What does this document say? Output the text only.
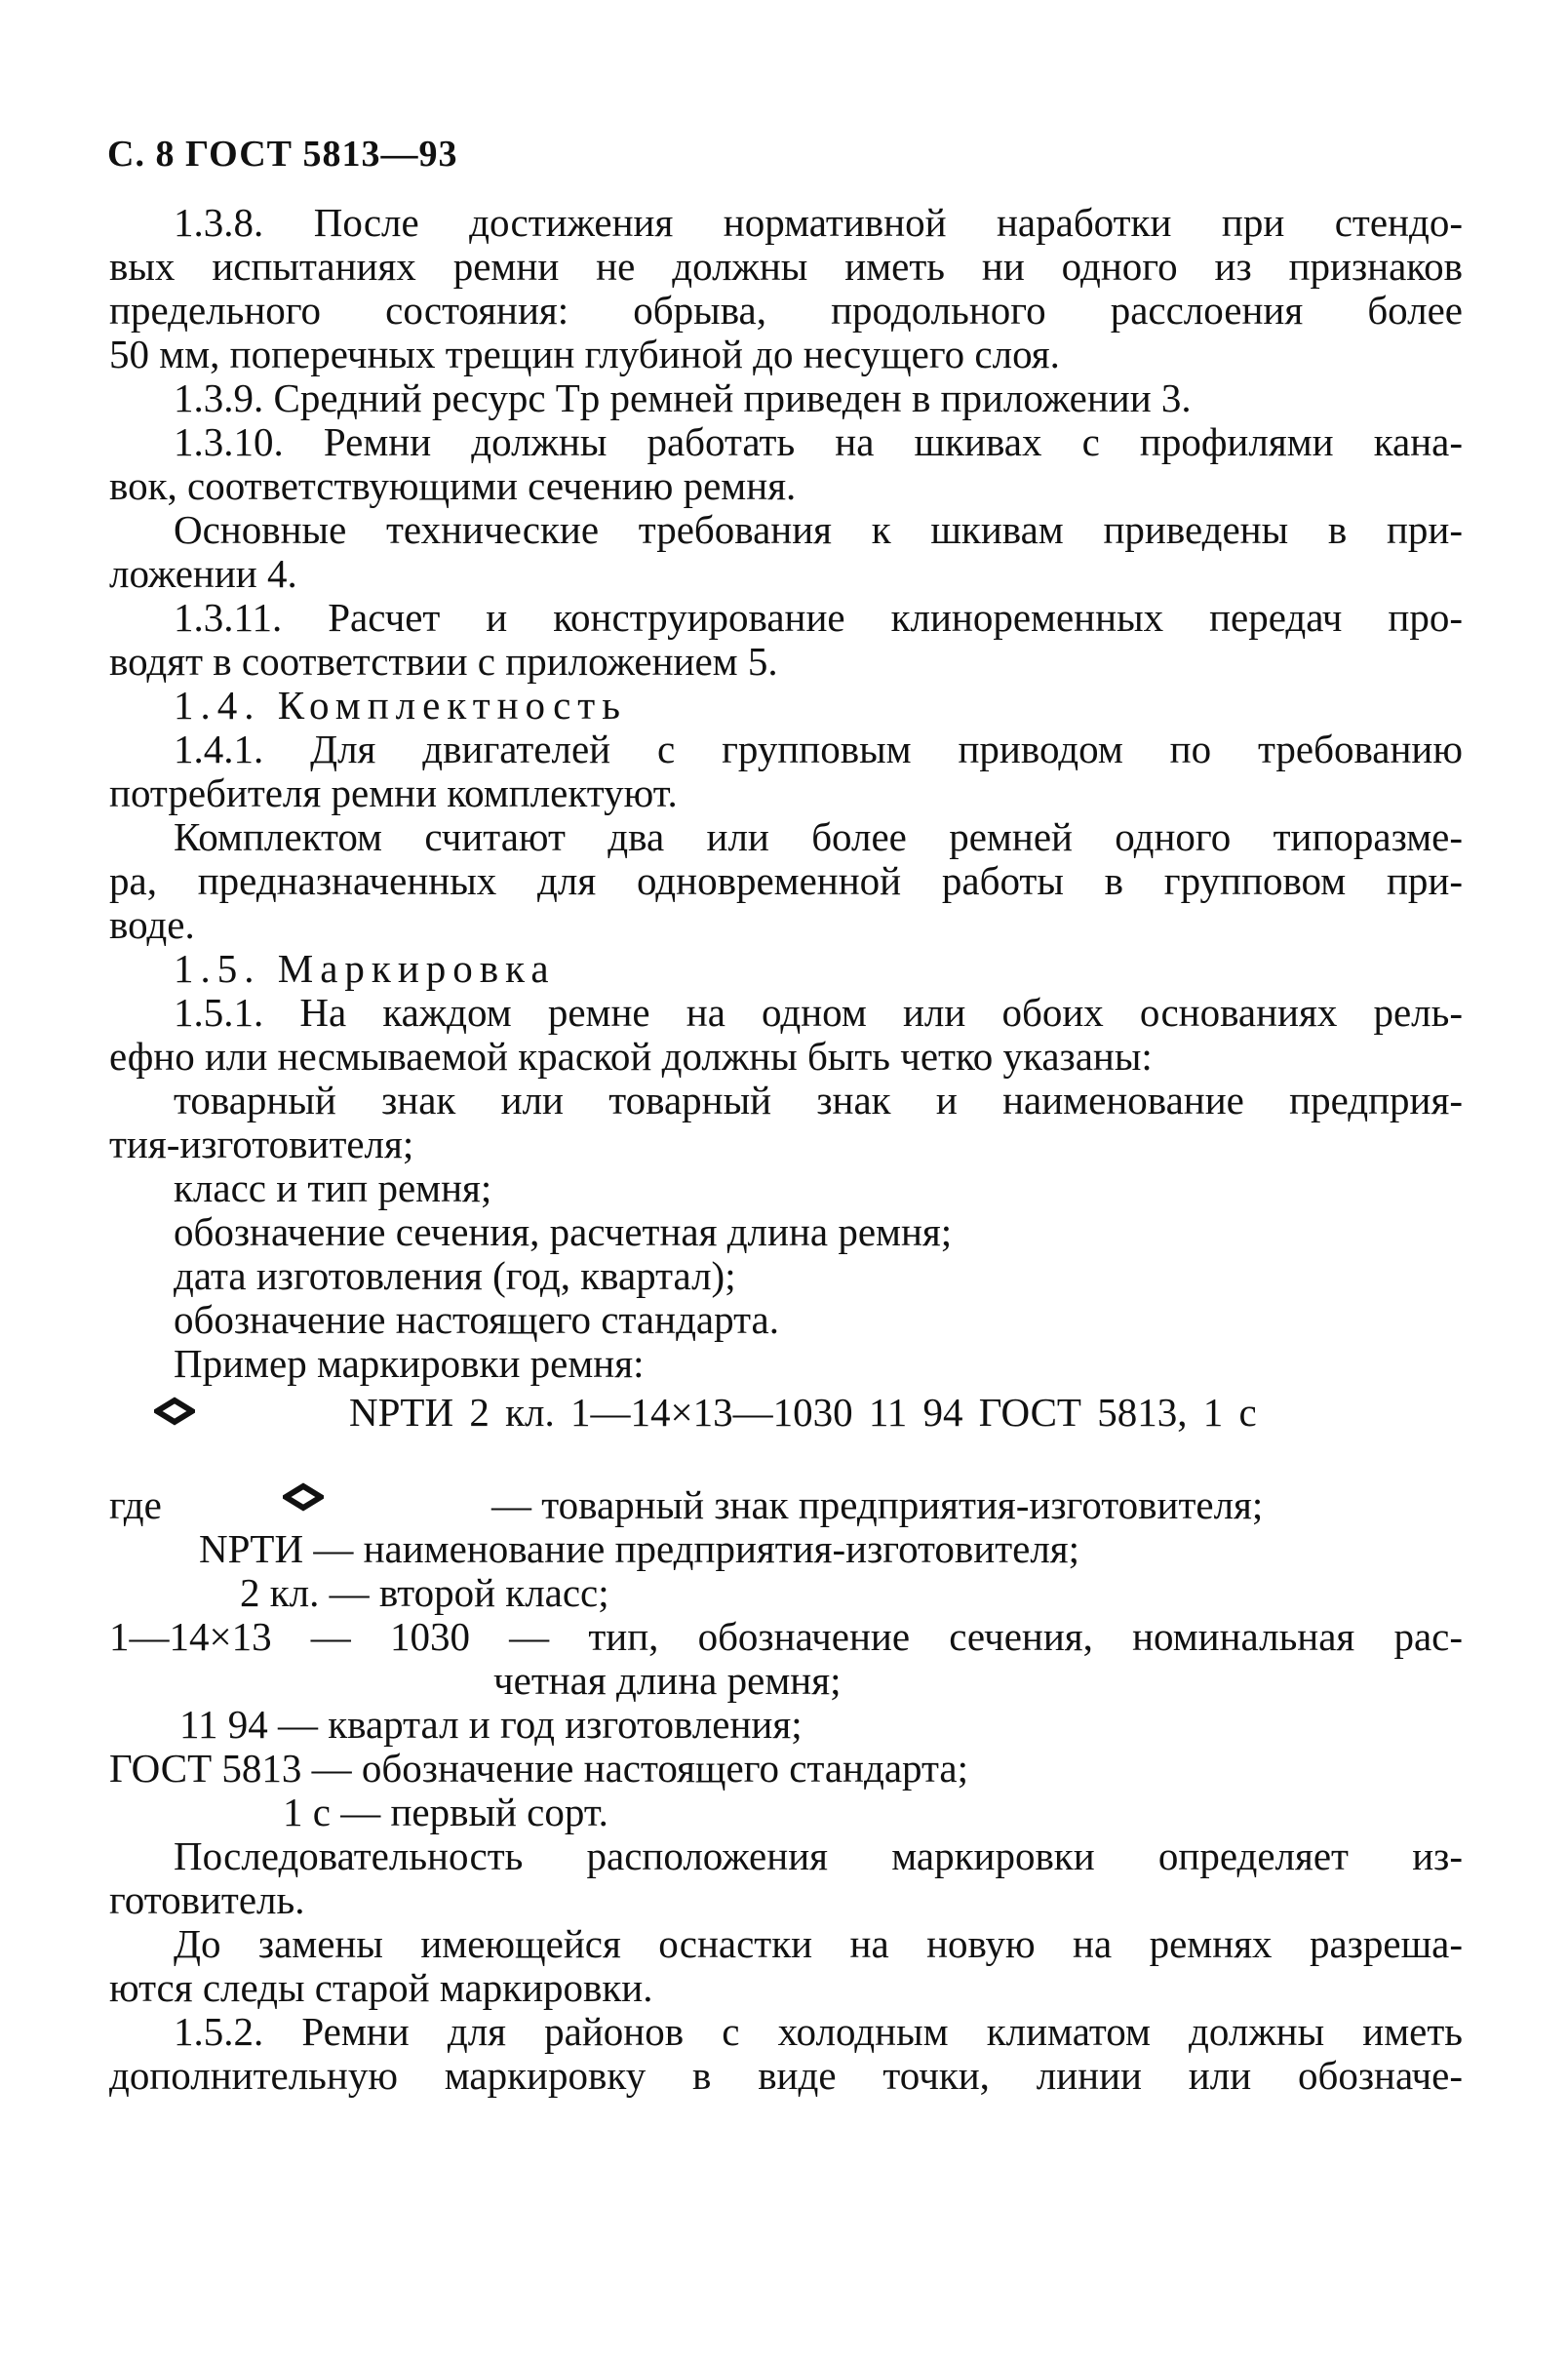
С. 8 ГОСТ 5813—93
1.3.8. После достижения нормативной наработки при стендо-
вых испытаниях ремни не должны иметь ни одного из признаков
предельного состояния: обрыва, продольного расслоения более
50 мм, поперечных трещин глубиной до несущего слоя.
1.3.9. Средний ресурс Tр ремней приведен в приложении 3.
1.3.10. Ремни должны работать на шкивах с профилями кана-
вок, соответствующими сечению ремня.
Основные технические требования к шкивам приведены в при-
ложении 4.
1.3.11. Расчет и конструирование клиноременных передач про-
водят в соответствии с приложением 5.
1.4. Комплектность
1.4.1. Для двигателей с групповым приводом по требованию
потребителя ремни комплектуют.
Комплектом считают два или более ремней одного типоразме-
ра, предназначенных для одновременной работы в групповом при-
воде.
1.5. Маркировка
1.5.1. На каждом ремне на одном или обоих основаниях рель-
ефно или несмываемой краской должны быть четко указаны:
товарный знак или товарный знак и наименование предприя-
тия-изготовителя;
класс и тип ремня;
обозначение сечения, расчетная длина ремня;
дата изготовления (год, квартал);
обозначение настоящего стандарта.
Пример маркировки ремня:
NPTИ 2 кл. 1—14×13—1030 11 94 ГОСТ 5813, 1 с
где	— товарный знак предприятия-изготовителя;
NPTИ — наименование предприятия-изготовителя;
2 кл. — второй класс;
1—14×13 — 1030 — тип, обозначение сечения, номинальная рас-
четная длина ремня;
11 94 — квартал и год изготовления;
ГОСТ 5813 — обозначение настоящего стандарта;
1 с — первый сорт.
Последовательность расположения маркировки определяет из-
готовитель.
До замены имеющейся оснастки на новую на ремнях разреша-
ются следы старой маркировки.
1.5.2. Ремни для районов с холодным климатом должны иметь
дополнительную маркировку в виде точки, линии или обозначе-
